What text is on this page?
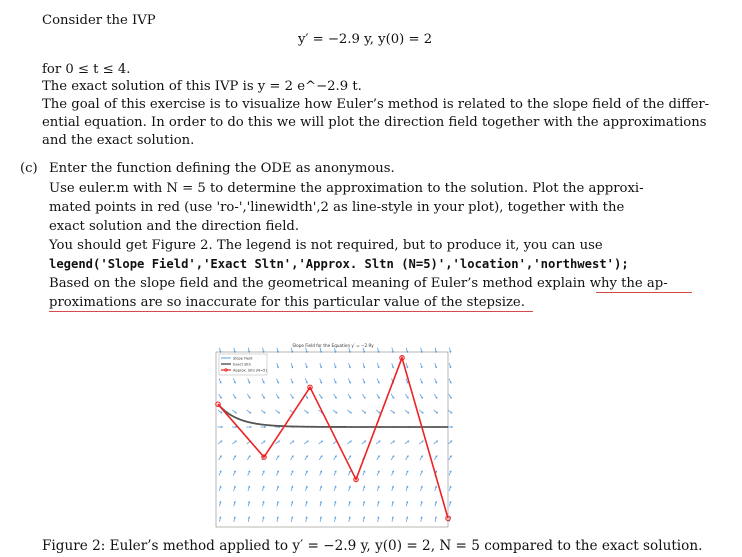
Consider the IVP
y′ = −2.9 y, y(0) = 2
for 0 ≤ t ≤ 4.
The exact solution of this IVP is y = 2 e^−2.9 t.
The goal of this exercise is to visualize how Euler’s method is related to the slope field of the differ-
ential equation. In order to do this we will plot the direction field together with the approximations
and the exact solution.
(c) Enter the function defining the ODE as anonymous.
Use euler.m with N = 5 to determine the approximation to the solution. Plot the approxi-
mated points in red (use 'ro-','linewidth',2 as line-style in your plot), together with the
exact solution and the direction field.
You should get Figure 2. The legend is not required, but to produce it, you can use
legend('Slope Field','Exact Sltn','Approx. Sltn (N=5)','location','northwest');
Based on the slope field and the geometrical meaning of Euler’s method explain why the ap-
proximations are so inaccurate for this particular value of the stepsize.
Slope Field for the Equation y′ = −2.9y
Slope Field
Exact Sltn
Approx. Sltn (N=5)
Figure 2: Euler’s method applied to y′ = −2.9 y, y(0) = 2, N = 5 compared to the exact solution.
